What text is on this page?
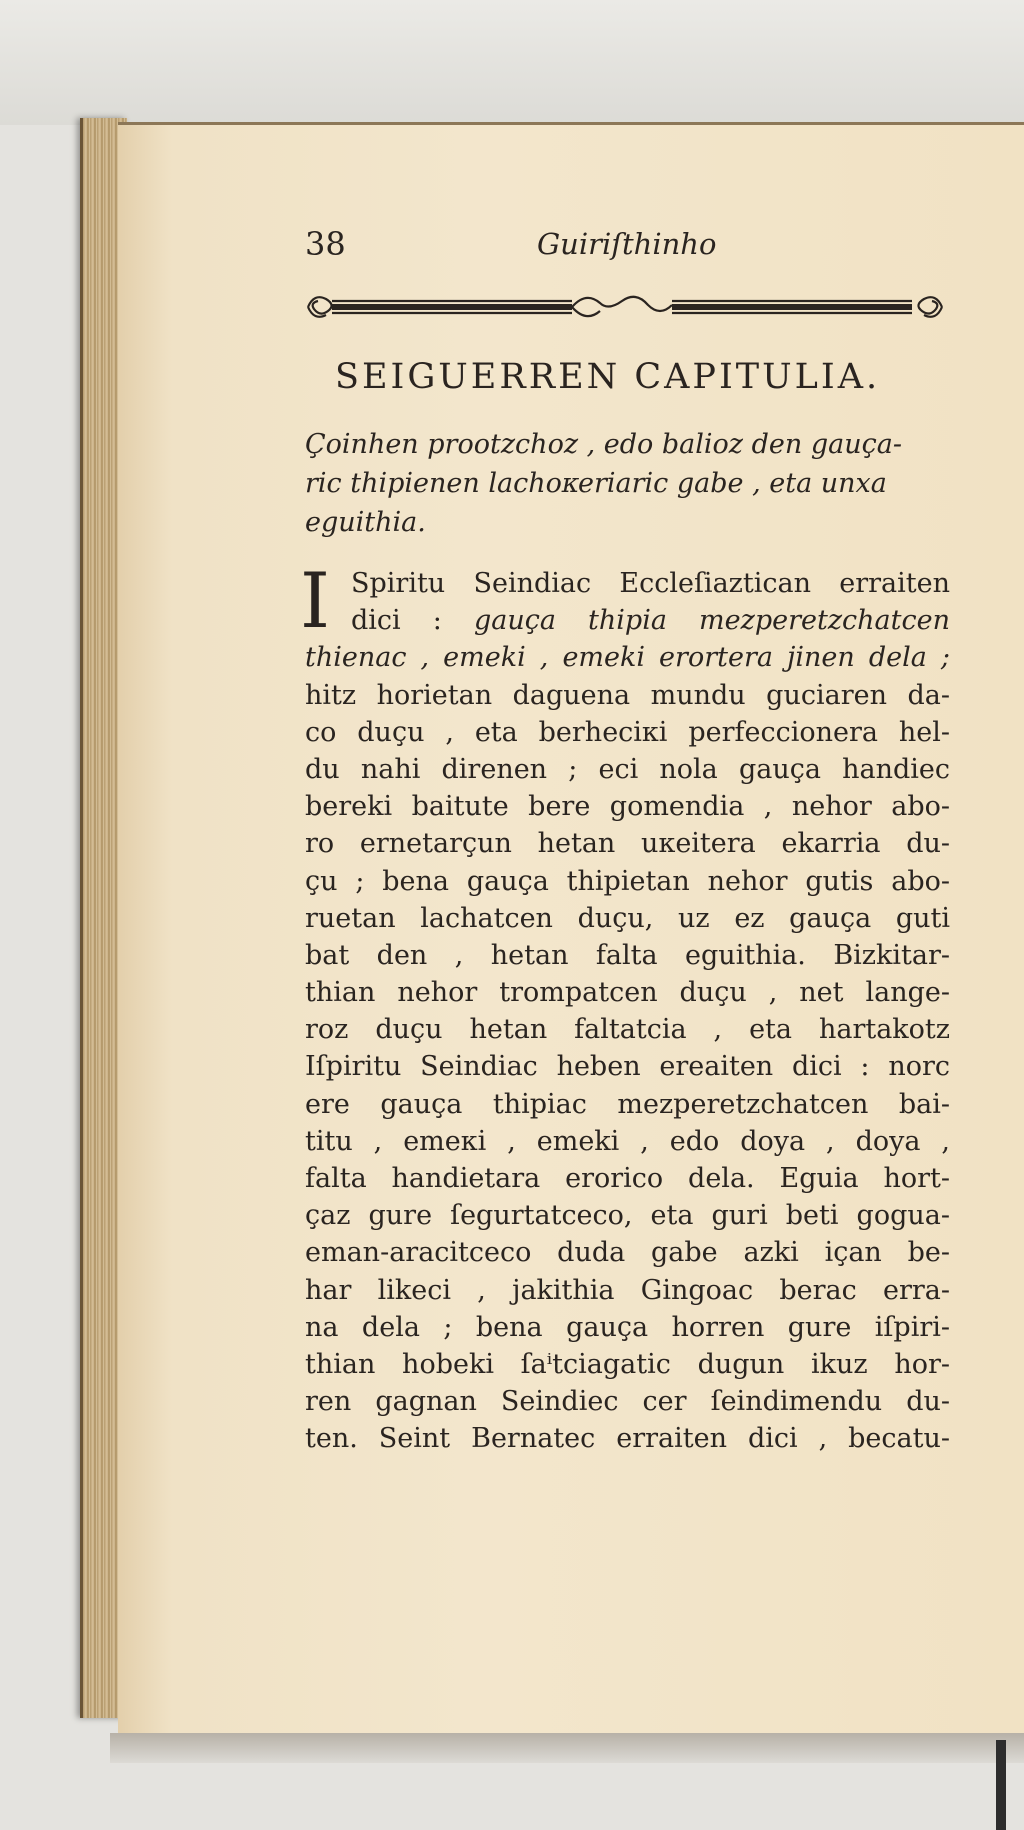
38	Guiriſthinho
SEIGUERREN CAPITULIA.
Çoinhen prootzchoz , edo balioz den gauça-
ric thipienen lachoᴋeriaric gabe , eta unxa
eguithia.
I Spiritu Seindiac Eccleſiaztican erraiten
dici : gauça thipia mezperetzchatcen
thienac , emeki , emeki erortera jinen dela ;
hitz horietan daguena mundu guciaren da-
co duçu , eta berheciᴋi perfeccionera hel-
du nahi direnen ; eci nola gauça handiec
bereki baitute bere gomendia , nehor abo-
ro ernetarçun hetan uᴋeitera ekarria du-
çu ; bena gauça thipietan nehor gutis abo-
ruetan lachatcen duçu, uz ez gauça guti
bat den , hetan falta eguithia. Bizkitar-
thian nehor trompatcen duçu , net lange-
roz duçu hetan faltatcia , eta hartakotz
Iſpiritu Seindiac heben ereaiten dici : norc
ere gauça thipiac mezperetzchatcen bai-
titu , emeᴋi , emeki , edo doya , doya ,
falta handietara erorico dela. Eguia hort-
çaz gure ſegurtatceco, eta guri beti gogua-
eman-aracitceco duda gabe azki içan be-
har likeci , jakithia Gingoac berac erra-
na dela ; bena gauça horren gure iſpiri-
thian hobeki ſaⁱtciagatic dugun ikuz hor-
ren gagnan Seindiec cer ſeindimendu du-
ten. Seint Bernatec erraiten dici , becatu-
